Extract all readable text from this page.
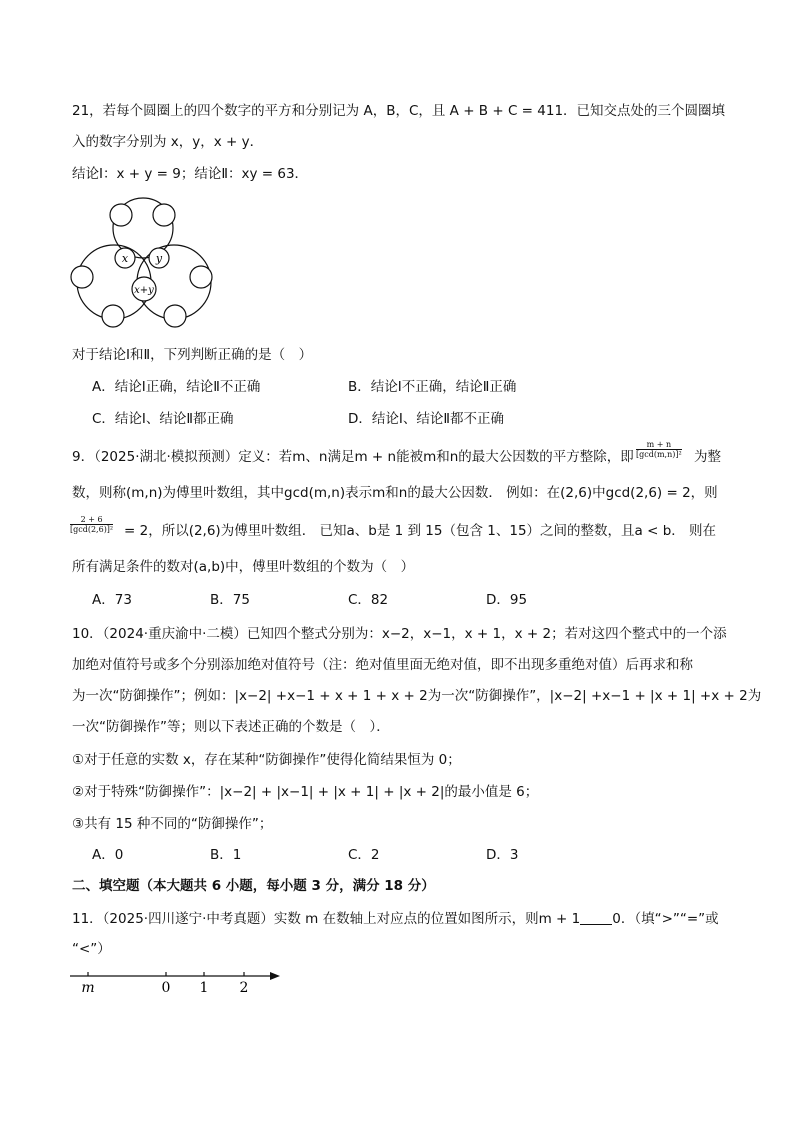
21，若每个圆圈上的四个数字的平方和分别记为 A，B，C，且 A + B + C = 411．已知交点处的三个圆圈填
入的数字分别为 x，y，x + y．
结论Ⅰ：x + y = 9；结论Ⅱ：xy = 63．
x	y
x+y
对于结论Ⅰ和Ⅱ，下列判断正确的是（　）
A．结论Ⅰ正确，结论Ⅱ不正确	B．结论Ⅰ不正确，结论Ⅱ正确
C．结论Ⅰ、结论Ⅱ都正确	D．结论Ⅰ、结论Ⅱ都不正确
9．（2025·湖北·模拟预测）定义：若m、n满足m + n能被m和n的最大公因数的平方整除，即
m + n
[gcd(m,n)]² 为整
数，则称(m,n)为傅里叶数组，其中gcd(m,n)表示m和n的最大公因数． 例如：在(2,6)中gcd(2,6) = 2，则
2 + 6
[gcd(2,6)]² = 2，所以(2,6)为傅里叶数组． 已知a、b是 1 到 15（包含 1、15）之间的整数，且a < b． 则在
所有满足条件的数对(a,b)中，傅里叶数组的个数为（　）
A．73	B．75	C．82	D．95
10．（2024·重庆渝中·二模）已知四个整式分别为：x−2，x−1，x + 1，x + 2；若对这四个整式中的一个添
加绝对值符号或多个分别添加绝对值符号（注：绝对值里面无绝对值，即不出现多重绝对值）后再求和称
为一次“防御操作”；例如：|x−2| +x−1 + x + 1 + x + 2为一次“防御操作”，|x−2| +x−1 + |x + 1| +x + 2为
一次“防御操作”等；则以下表述正确的个数是（　）．
①对于任意的实数 x，存在某种“防御操作”使得化简结果恒为 0；
②对于特殊“防御操作”：|x−2| + |x−1| + |x + 1| + |x + 2|的最小值是 6；
③共有 15 种不同的“防御操作”；
A．0	B．1	C．2	D．3
二、填空题（本大题共 6 小题，每小题 3 分，满分 18 分）
11．（2025·四川遂宁·中考真题）实数 m 在数轴上对应点的位置如图所示，则m + 1 0．（填“>”“=”或
“<”）
m	0 1 2
